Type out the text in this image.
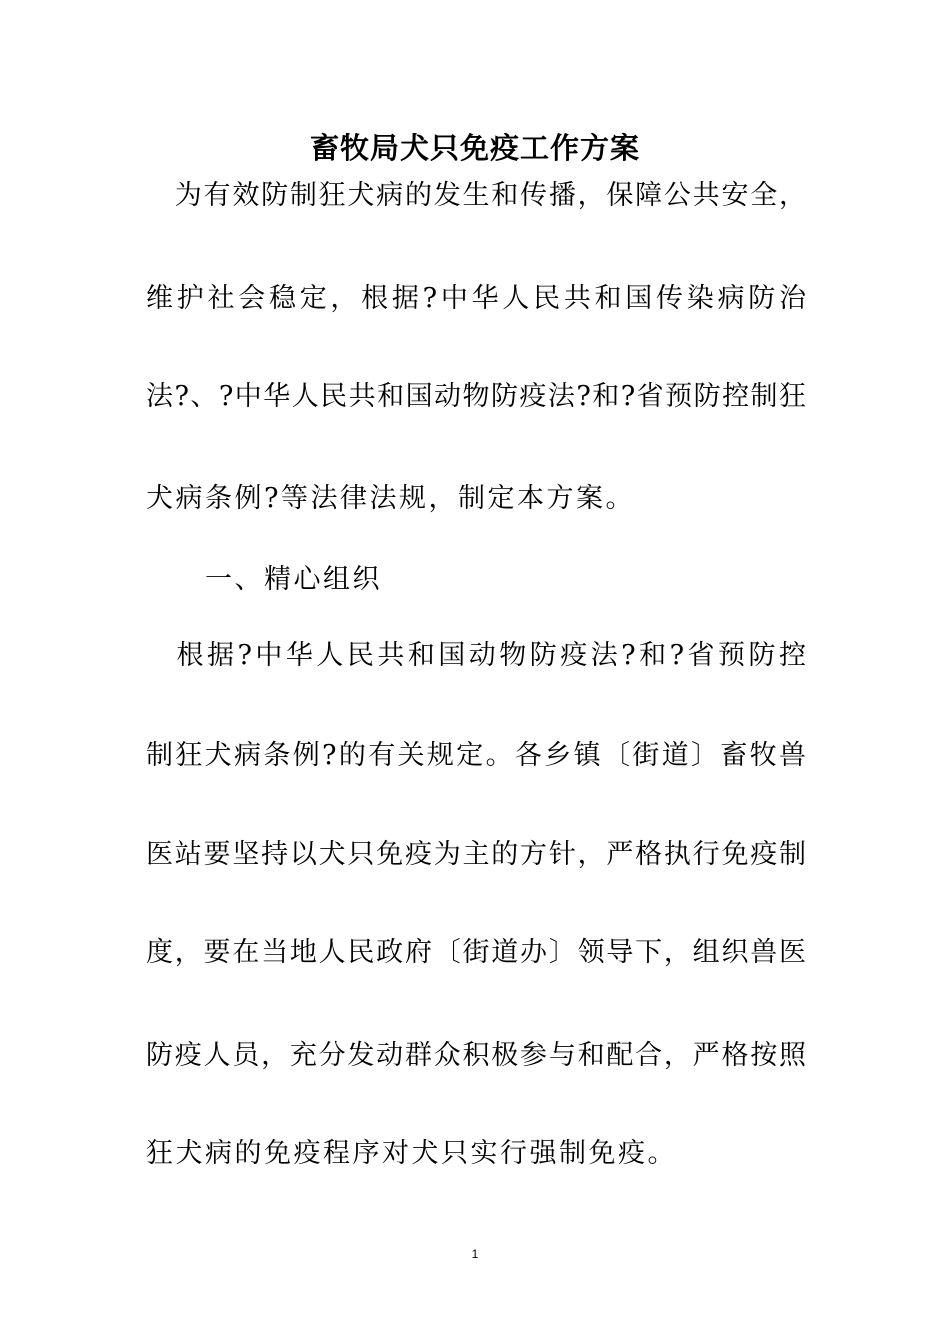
畜牧局犬只免疫工作方案
　为有效防制狂犬病的发生和传播，保障公共安全，
维护社会稳定，根据?中华人民共和国传染病防治
法?、?中华人民共和国动物防疫法?和?省预防控制狂
犬病条例?等法律法规，制定本方案。
　　一、精心组织
　根据?中华人民共和国动物防疫法?和?省预防控
制狂犬病条例?的有关规定。各乡镇〔街道〕畜牧兽
医站要坚持以犬只免疫为主的方针，严格执行免疫制
度，要在当地人民政府〔街道办〕领导下，组织兽医
防疫人员，充分发动群众积极参与和配合，严格按照
狂犬病的免疫程序对犬只实行强制免疫。
1
